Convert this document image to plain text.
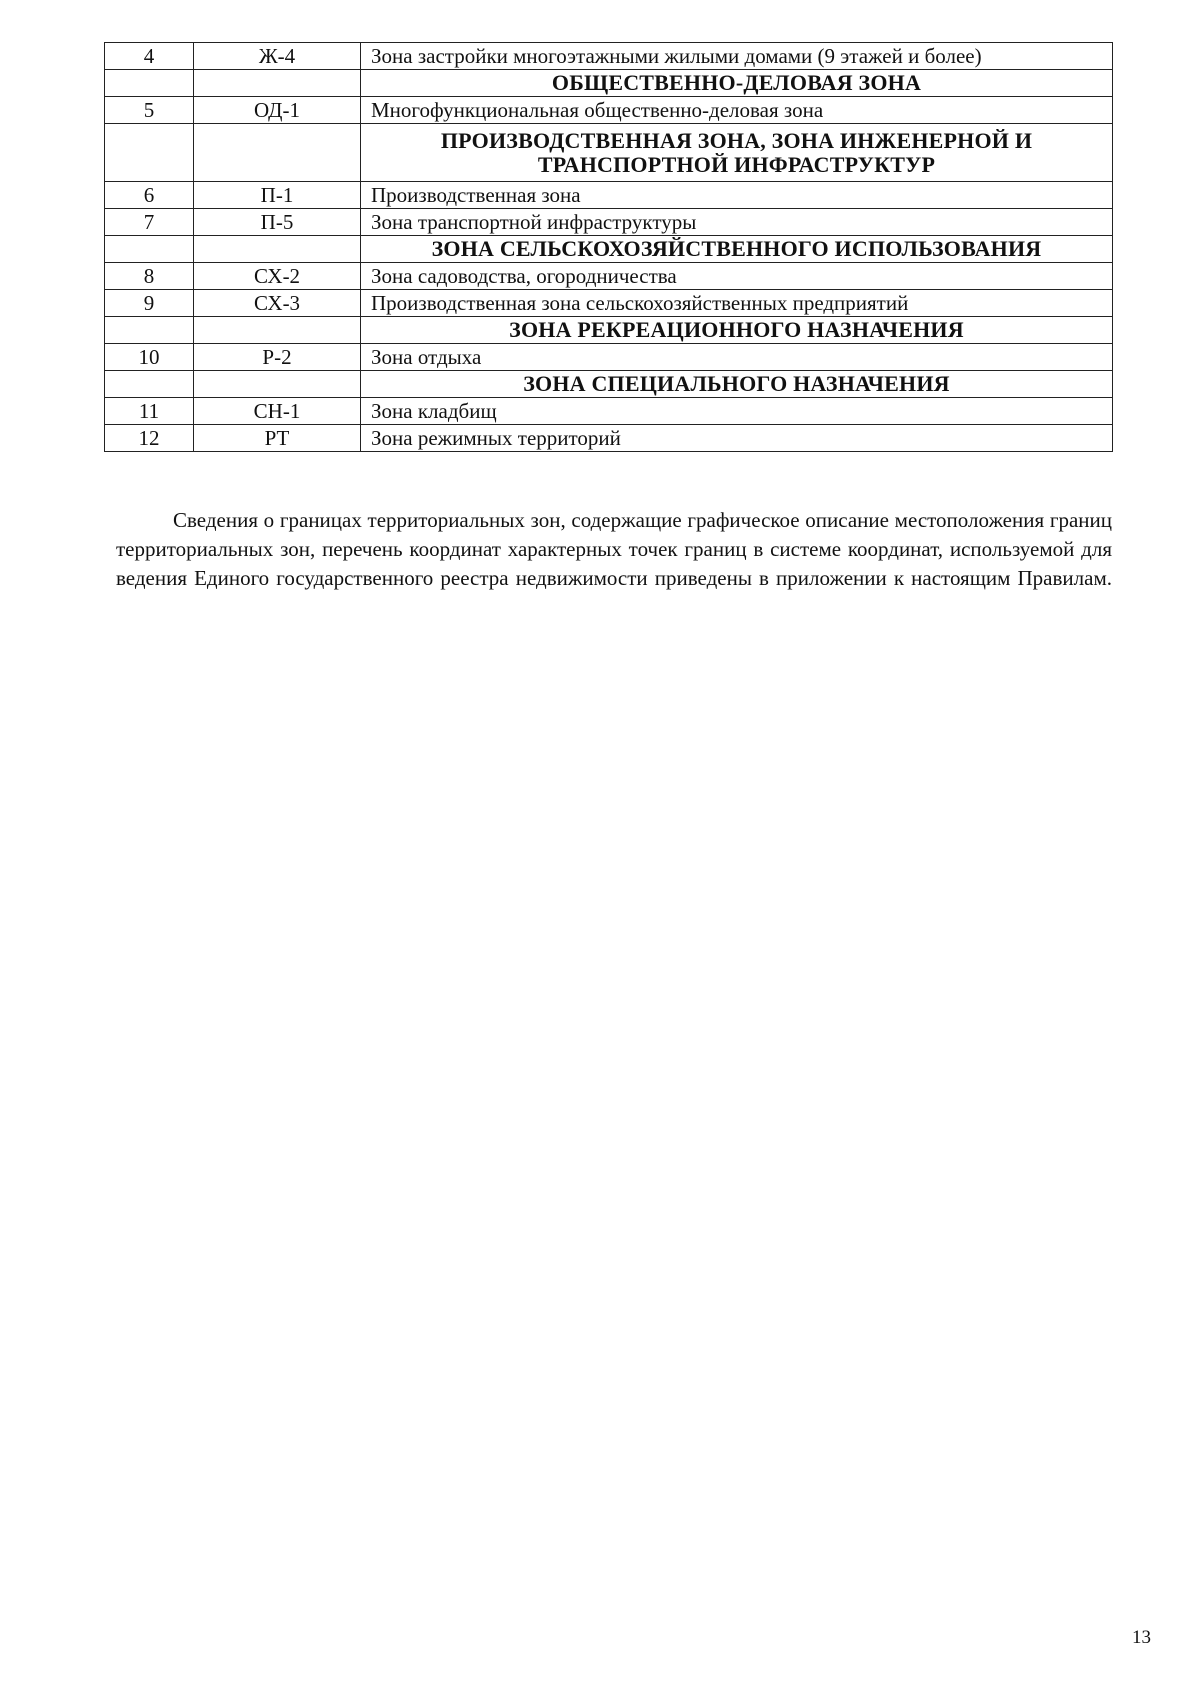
4	Ж-4	Зона застройки многоэтажными жилыми домами (9 этажей и более)
		ОБЩЕСТВЕННО-ДЕЛОВАЯ ЗОНА
5	ОД-1	Многофункциональная общественно-деловая зона
		ПРОИЗВОДСТВЕННАЯ ЗОНА, ЗОНА ИНЖЕНЕРНОЙ И
ТРАНСПОРТНОЙ ИНФРАСТРУКТУР
6	П-1	Производственная зона
7	П-5	Зона транспортной инфраструктуры
		ЗОНА СЕЛЬСКОХОЗЯЙСТВЕННОГО ИСПОЛЬЗОВАНИЯ
8	СХ-2	Зона садоводства, огородничества
9	СХ-3	Производственная зона сельскохозяйственных предприятий
		ЗОНА РЕКРЕАЦИОННОГО НАЗНАЧЕНИЯ
10	Р-2	Зона отдыха
		ЗОНА СПЕЦИАЛЬНОГО НАЗНАЧЕНИЯ
11	СН-1	Зона кладбищ
12	РТ	Зона режимных территорий

Сведения о границах территориальных зон, содержащие графическое описание местоположения границ территориальных зон, перечень координат характерных точек границ в системе координат, используемой для ведения Единого государственного реестра недвижимости приведены в приложении к настоящим Правилам.

13
